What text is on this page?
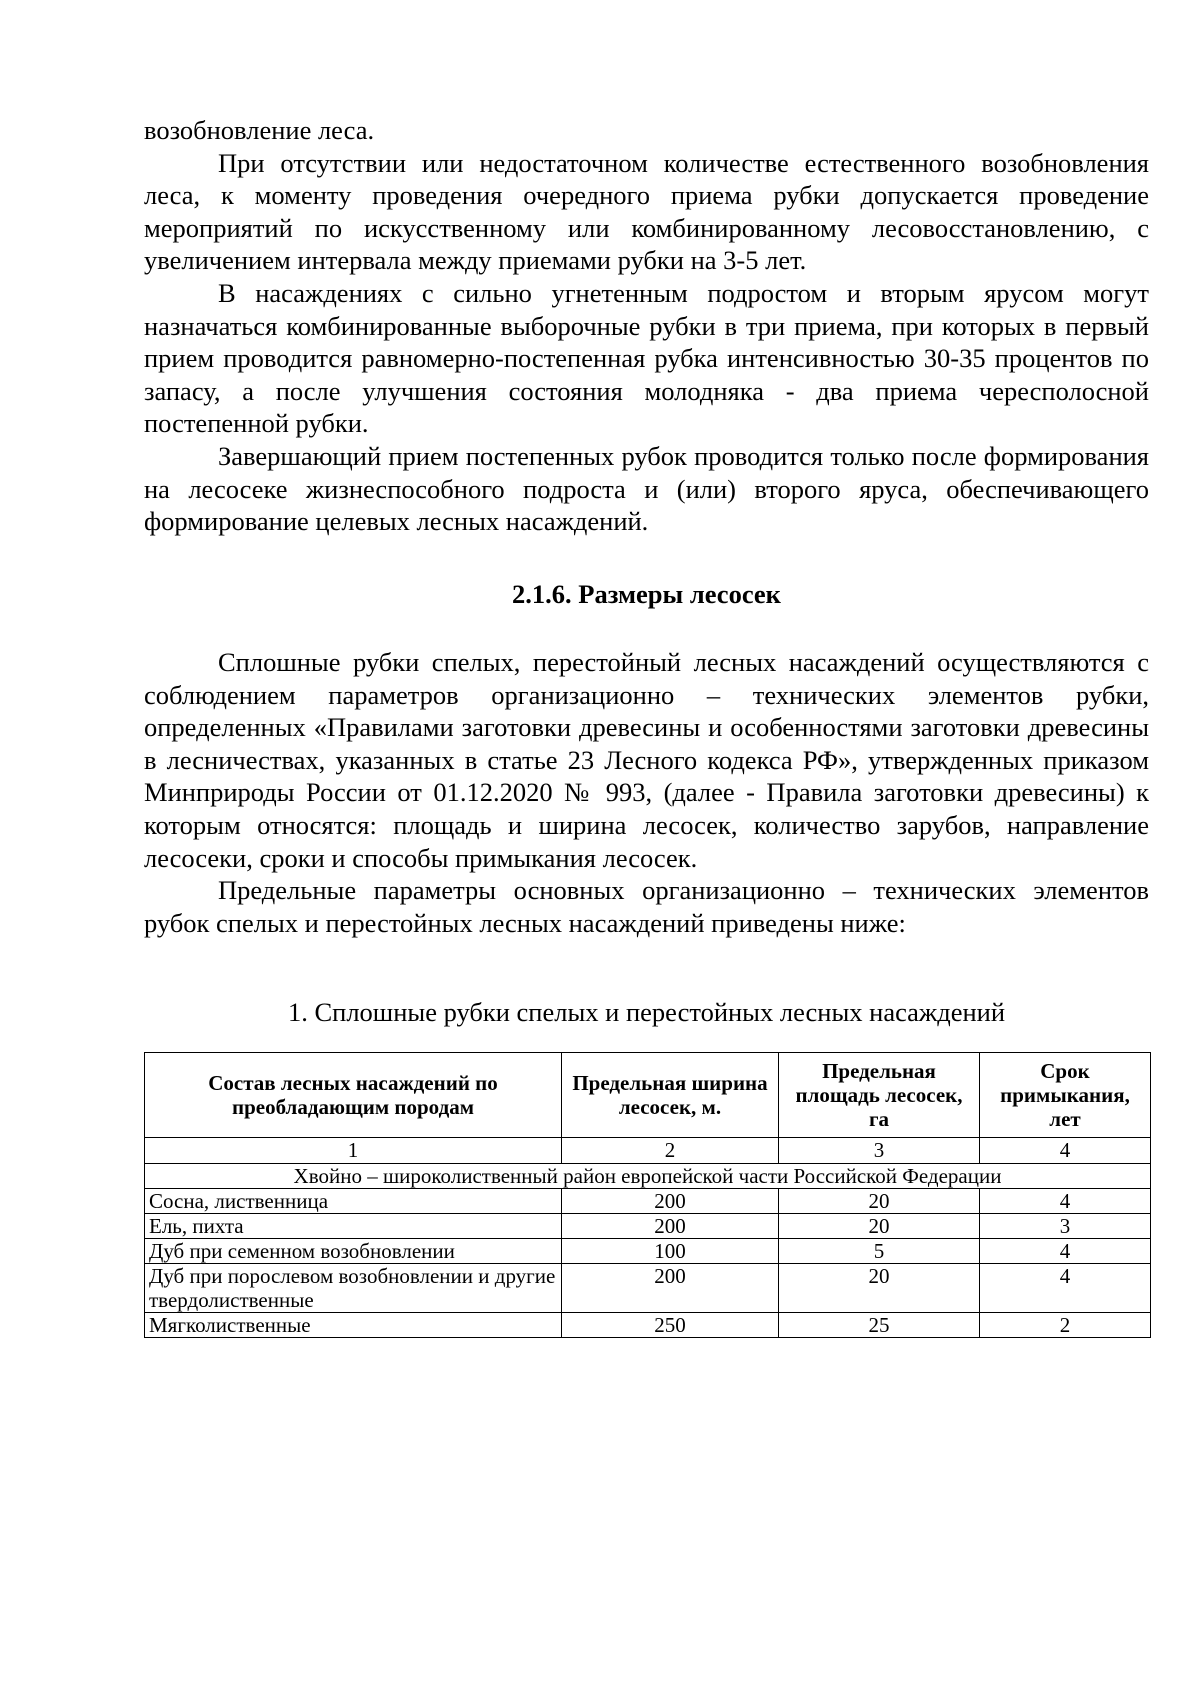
возобновление леса.

При отсутствии или недостаточном количестве естественного возобновления леса, к моменту проведения очередного приема рубки допускается проведение мероприятий по искусственному или комбинированному лесовосстановлению, с увеличением интервала между приемами рубки на 3-5 лет.

В насаждениях с сильно угнетенным подростом и вторым ярусом могут назначаться комбинированные выборочные рубки в три приема, при которых в первый прием проводится равномерно-постепенная рубка интенсивностью 30-35 процентов по запасу, а после улучшения состояния молодняка - два приема чересполосной постепенной рубки.

Завершающий прием постепенных рубок проводится только после формирования на лесосеке жизнеспособного подроста и (или) второго яруса, обеспечивающего формирование целевых лесных насаждений.

2.1.6. Размеры лесосек

Сплошные рубки спелых, перестойный лесных насаждений осуществляются с соблюдением параметров организационно – технических элементов рубки, определенных «Правилами заготовки древесины и особенностями заготовки древесины в лесничествах, указанных в статье 23 Лесного кодекса РФ», утвержденных приказом Минприроды России от 01.12.2020 № 993, (далее - Правила заготовки древесины) к которым относятся: площадь и ширина лесосек, количество зарубов, направление лесосеки, сроки и способы примыкания лесосек.

Предельные параметры основных организационно – технических элементов рубок спелых и перестойных лесных насаждений приведены ниже:

1. Сплошные рубки спелых и перестойных лесных насаждений
Состав лесных насаждений по преобладающим породам	Предельная ширина лесосек, м.	Предельная площадь лесосек, га	Срок примыкания, лет
1	2	3	4
Хвойно – широколиственный район европейской части Российской Федерации			
Сосна, лиственница	200	20	4
Ель, пихта	200	20	3
Дуб при семенном возобновлении	100	5	4
Дуб при порослевом возобновлении и другие твердолиственные	200	20	4
Мягколиственные	250	25	2
